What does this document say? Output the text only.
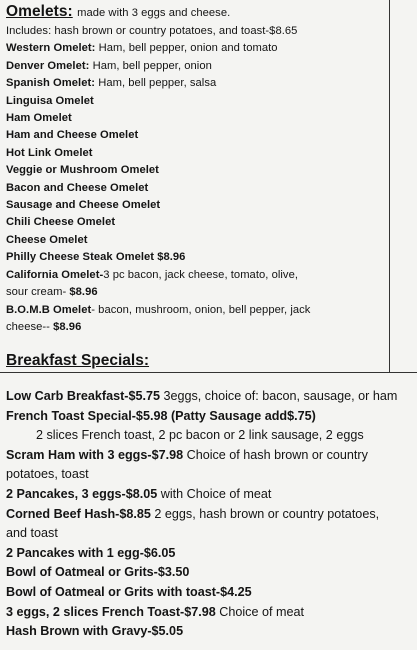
Omelets: made with 3 eggs and cheese.
Includes: hash brown or country potatoes, and toast-$8.65
Western Omelet: Ham, bell pepper, onion and tomato
Denver Omelet: Ham, bell pepper, onion
Spanish Omelet: Ham, bell pepper, salsa
Linguisa Omelet
Ham Omelet
Ham and Cheese Omelet
Hot Link Omelet
Veggie or Mushroom Omelet
Bacon and Cheese Omelet
Sausage and Cheese Omelet
Chili Cheese Omelet
Cheese Omelet
Philly Cheese Steak Omelet $8.96
California Omelet-3 pc bacon, jack cheese, tomato, olive,
sour cream- $8.96
B.O.M.B Omelet- bacon, mushroom, onion, bell pepper, jack
cheese-- $8.96
Breakfast Specials:
Low Carb Breakfast-$5.75 3eggs, choice of: bacon, sausage, or ham
French Toast Special-$5.98 (Patty Sausage add$.75)
2 slices French toast, 2 pc bacon or 2 link sausage, 2 eggs
Scram Ham with 3 eggs-$7.98 Choice of hash brown or country
potatoes, toast
2 Pancakes, 3 eggs-$8.05 with Choice of meat
Corned Beef Hash-$8.85 2 eggs, hash brown or country potatoes,
and toast
2 Pancakes with 1 egg-$6.05
Bowl of Oatmeal or Grits-$3.50
Bowl of Oatmeal or Grits with toast-$4.25
3 eggs, 2 slices French Toast-$7.98 Choice of meat
Hash Brown with Gravy-$5.05
